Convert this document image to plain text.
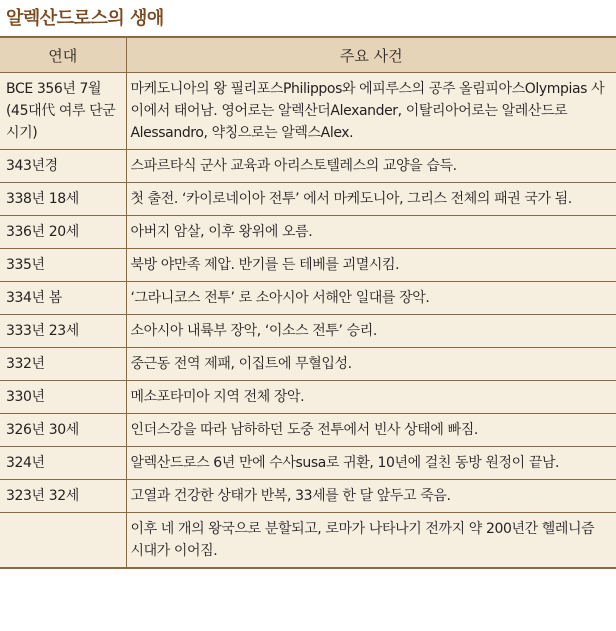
알렉산드로스의 생애
연대	주요 사건
BCE 356년 7월 (45대代 여루 단군 시기)	마케도니아의 왕 필리포스Philippos와 에피루스의 공주 올림피아스Olympias 사이에서 태어남. 영어로는 알렉산더Alexander, 이탈리아어로는 알레산드로Alessandro, 약칭으로는 알렉스Alex.
343년경	스파르타식 군사 교육과 아리스토텔레스의 교양을 습득.
338년 18세	첫 출전. ‘카이로네이아 전투’ 에서 마케도니아, 그리스 전체의 패권 국가 됨.
336년 20세	아버지 암살, 이후 왕위에 오름.
335년	북방 야만족 제압. 반기를 든 테베를 괴멸시킴.
334년 봄	‘그라니코스 전투’ 로 소아시아 서해안 일대를 장악.
333년 23세	소아시아 내륙부 장악, ‘이소스 전투’ 승리.
332년	중근동 전역 제패, 이집트에 무혈입성.
330년	메소포타미아 지역 전체 장악.
326년 30세	인더스강을 따라 남하하던 도중 전투에서 빈사 상태에 빠짐.
324년	알렉산드로스 6년 만에 수사susa로 귀환, 10년에 걸친 동방 원정이 끝남.
323년 32세	고열과 건강한 상태가 반복, 33세를 한 달 앞두고 죽음.
	이후 네 개의 왕국으로 분할되고, 로마가 나타나기 전까지 약 200년간 헬레니즘 시대가 이어짐.
